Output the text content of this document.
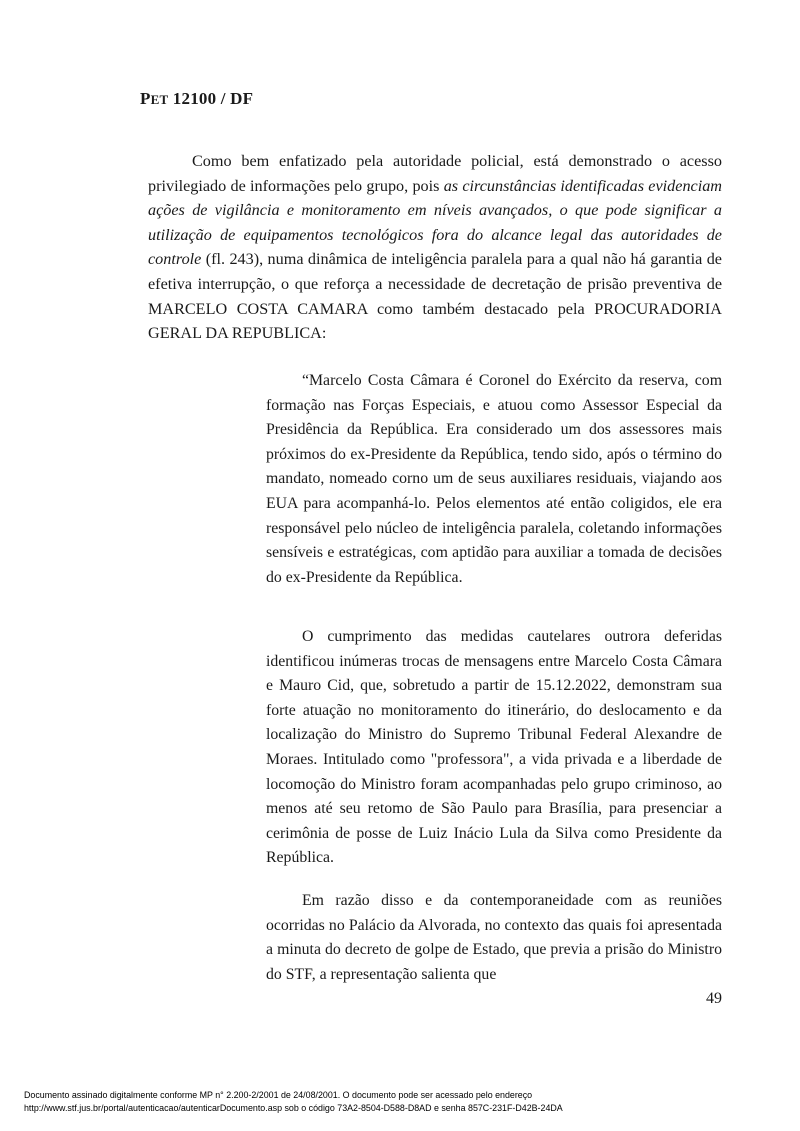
PET 12100 / DF

Como bem enfatizado pela autoridade policial, está demonstrado o acesso privilegiado de informações pelo grupo, pois as circunstâncias identificadas evidenciam ações de vigilância e monitoramento em níveis avançados, o que pode significar a utilização de equipamentos tecnológicos fora do alcance legal das autoridades de controle (fl. 243), numa dinâmica de inteligência paralela para a qual não há garantia de efetiva interrupção, o que reforça a necessidade de decretação de prisão preventiva de MARCELO COSTA CAMARA como também destacado pela PROCURADORIA GERAL DA REPUBLICA:

“Marcelo Costa Câmara é Coronel do Exército da reserva, com formação nas Forças Especiais, e atuou como Assessor Especial da Presidência da República. Era considerado um dos assessores mais próximos do ex-Presidente da República, tendo sido, após o término do mandato, nomeado corno um de seus auxiliares residuais, viajando aos EUA para acompanhá-lo. Pelos elementos até então coligidos, ele era responsável pelo núcleo de inteligência paralela, coletando informações sensíveis e estratégicas, com aptidão para auxiliar a tomada de decisões do ex-Presidente da República.

O cumprimento das medidas cautelares outrora deferidas identificou inúmeras trocas de mensagens entre Marcelo Costa Câmara e Mauro Cid, que, sobretudo a partir de 15.12.2022, demonstram sua forte atuação no monitoramento do itinerário, do deslocamento e da localização do Ministro do Supremo Tribunal Federal Alexandre de Moraes. Intitulado como "professora", a vida privada e a liberdade de locomoção do Ministro foram acompanhadas pelo grupo criminoso, ao menos até seu retomo de São Paulo para Brasília, para presenciar a cerimônia de posse de Luiz Inácio Lula da Silva como Presidente da República.

Em razão disso e da contemporaneidade com as reuniões ocorridas no Palácio da Alvorada, no contexto das quais foi apresentada a minuta do decreto de golpe de Estado, que previa a prisão do Ministro do STF, a representação salienta que

49
Documento assinado digitalmente conforme MP n° 2.200-2/2001 de 24/08/2001. O documento pode ser acessado pelo endereço
http://www.stf.jus.br/portal/autenticacao/autenticarDocumento.asp sob o código 73A2-8504-D588-D8AD e senha 857C-231F-D42B-24DA
